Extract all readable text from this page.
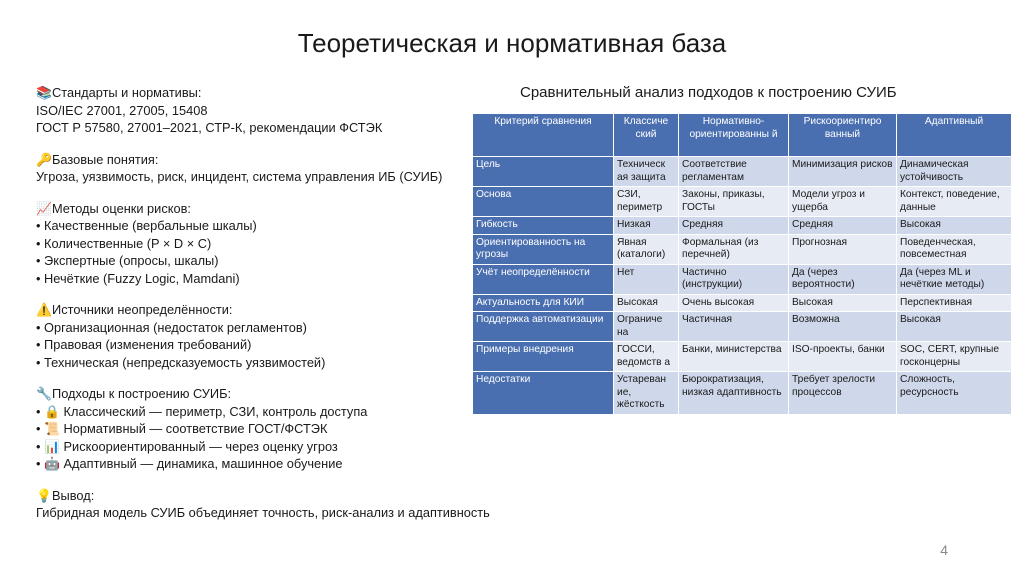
Теоретическая и нормативная база
📚Стандарты и нормативы:
ISO/IEC 27001, 27005, 15408
ГОСТ Р 57580, 27001–2021, СТР-К, рекомендации ФСТЭК
🔑Базовые понятия:
Угроза, уязвимость, риск, инцидент, система управления ИБ (СУИБ)
📈Методы оценки рисков:
• Качественные (вербальные шкалы)
• Количественные (P × D × C)
• Экспертные (опросы, шкалы)
• Нечёткие (Fuzzy Logic, Mamdani)
⚠️Источники неопределённости:
• Организационная (недостаток регламентов)
• Правовая (изменения требований)
• Техническая (непредсказуемость уязвимостей)
🔧Подходы к построению СУИБ:
• 🔒 Классический — периметр, СЗИ, контроль доступа
• 📜 Нормативный — соответствие ГОСТ/ФСТЭК
• 📊 Рискоориентированный — через оценку угроз
• 🤖 Адаптивный — динамика, машинное обучение
💡Вывод:
Гибридная модель СУИБ объединяет точность, риск-анализ и адаптивность
Сравнительный анализ подходов к построению СУИБ
Критерий сравнения	Классиче ский	Нормативно-ориентированны й	Рискоориентиро ванный	Адаптивный
Цель	Техническ ая защита	Соответствие регламентам	Минимизация рисков	Динамическая устойчивость
Основа	СЗИ, периметр	Законы, приказы, ГОСТы	Модели угроз и ущерба	Контекст, поведение, данные
Гибкость	Низкая	Средняя	Средняя	Высокая
Ориентированность на угрозы	Явная (каталоги)	Формальная (из перечней)	Прогнозная	Поведенческая, повсеместная
Учёт неопределённости	Нет	Частично (инструкции)	Да (через вероятности)	Да (через ML и нечёткие методы)
Актуальность для КИИ	Высокая	Очень высокая	Высокая	Перспективная
Поддержка автоматизации	Ограниче на	Частичная	Возможна	Высокая
Примеры внедрения	ГОССИ, ведомств а	Банки, министерства	ISO-проекты, банки	SOC, CERT, крупные госконцерны
Недостатки	Устареван ие, жёсткость	Бюрократизация, низкая адаптивность	Требует зрелости процессов	Сложность, ресурсность
4
